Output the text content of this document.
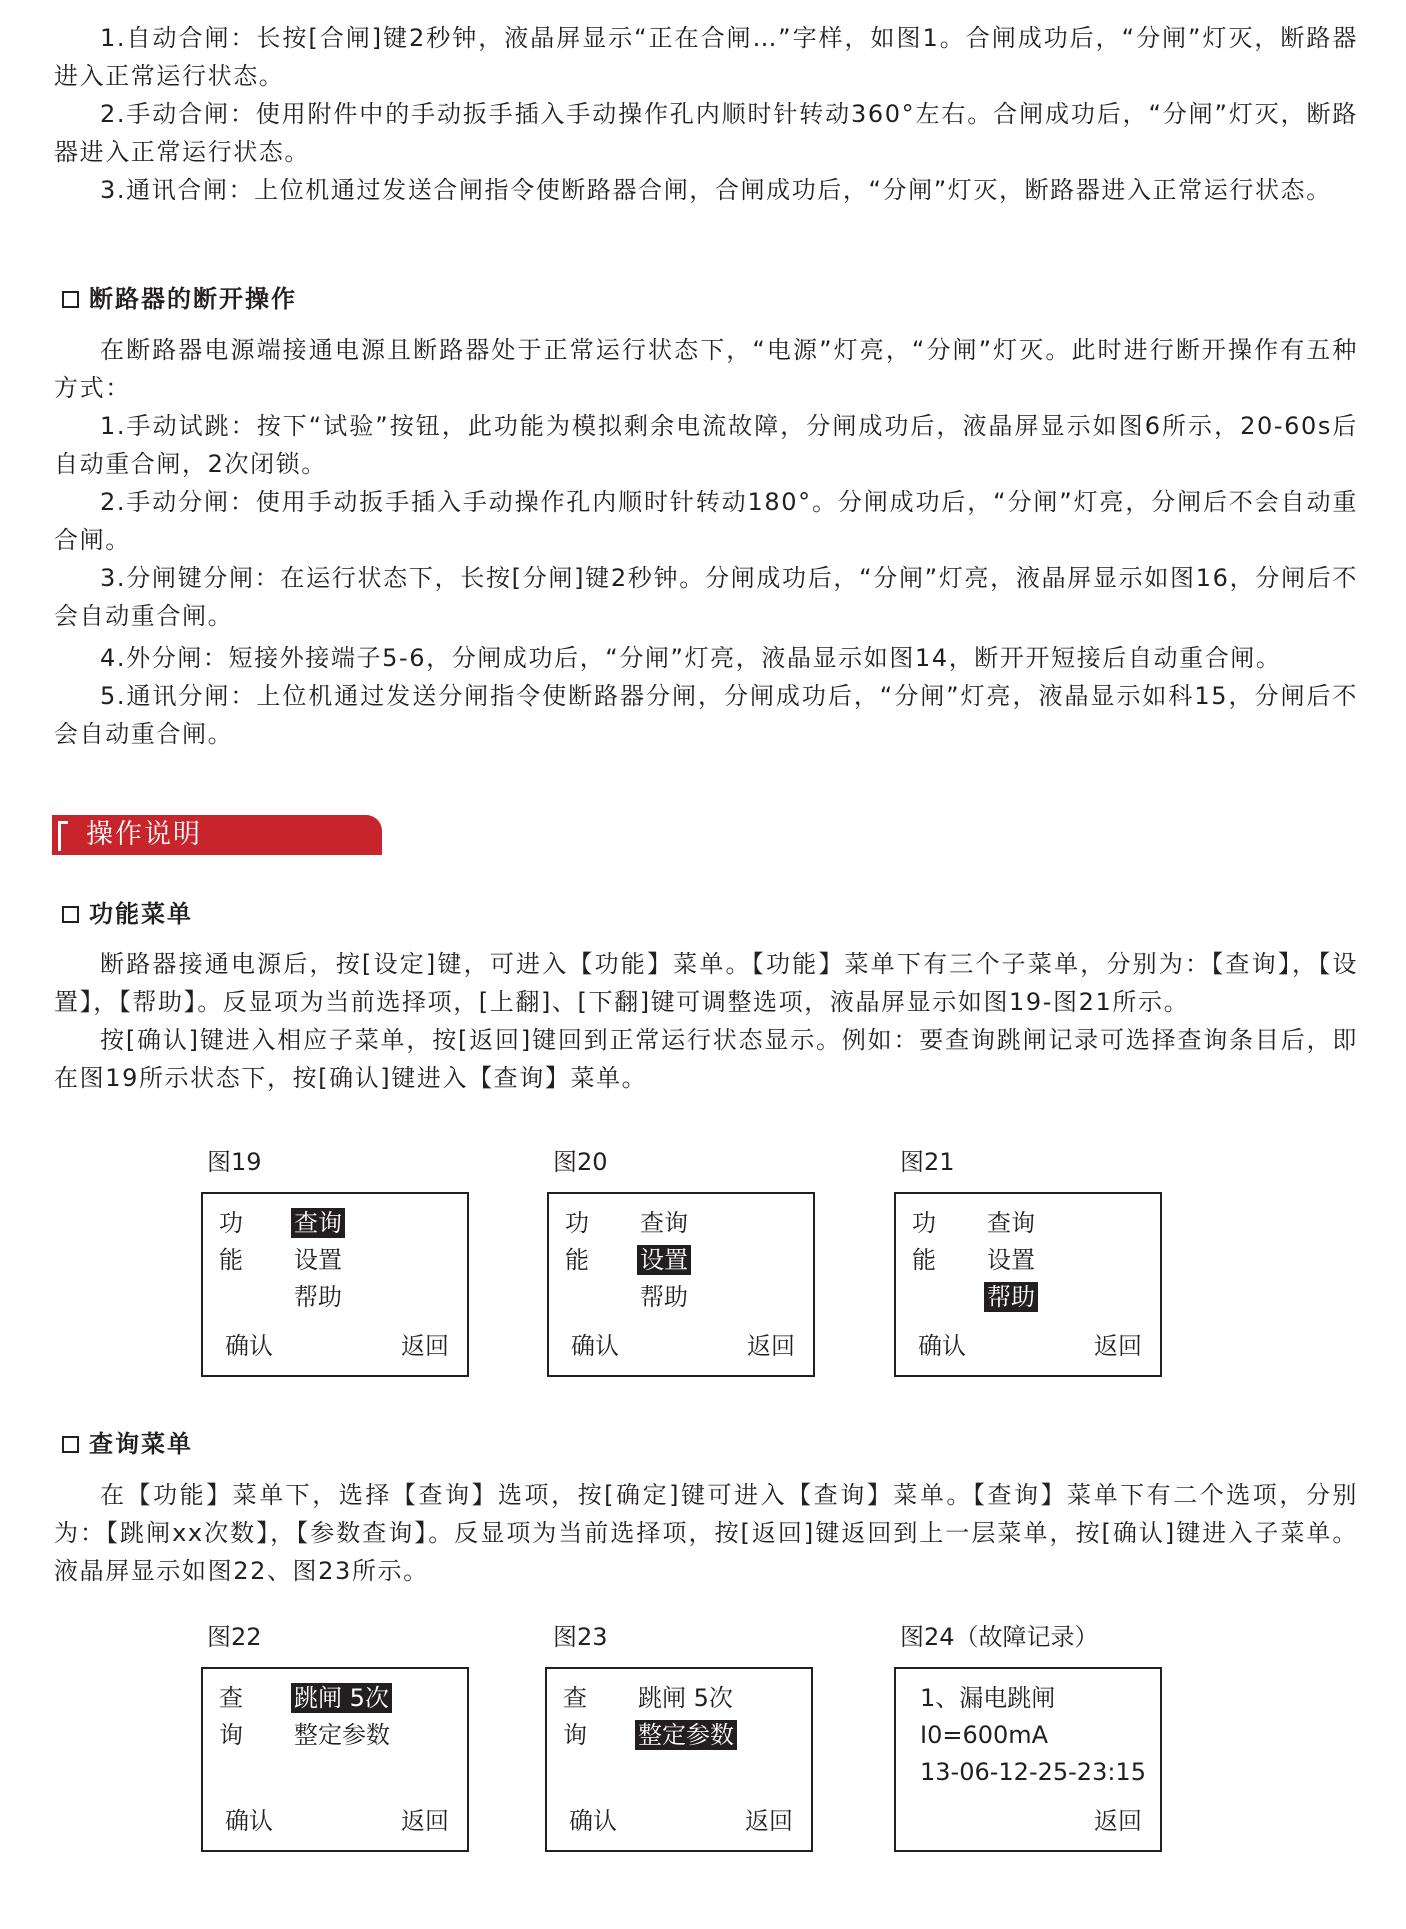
1.自动合闸：长按[合闸]键2秒钟，液晶屏显示“正在合闸…”字样，如图1。合闸成功后，“分闸”灯灭，断路器进入正常运行状态。

2.手动合闸：使用附件中的手动扳手插入手动操作孔内顺时针转动360°左右。合闸成功后，“分闸”灯灭，断路器进入正常运行状态。

3.通讯合闸：上位机通过发送合闸指令使断路器合闸，合闸成功后，“分闸”灯灭，断路器进入正常运行状态。

断路器的断开操作

在断路器电源端接通电源且断路器处于正常运行状态下，“电源”灯亮，“分闸”灯灭。此时进行断开操作有五种方式：

1.手动试跳：按下“试验”按钮，此功能为模拟剩余电流故障，分闸成功后，液晶屏显示如图6所示，20-60s后自动重合闸，2次闭锁。

2.手动分闸：使用手动扳手插入手动操作孔内顺时针转动180°。分闸成功后，“分闸”灯亮，分闸后不会自动重合闸。

3.分闸键分闸：在运行状态下，长按[分闸]键2秒钟。分闸成功后，“分闸”灯亮，液晶屏显示如图16，分闸后不会自动重合闸。

4.外分闸：短接外接端子5-6，分闸成功后，“分闸”灯亮，液晶显示如图14，断开开短接后自动重合闸。

5.通讯分闸：上位机通过发送分闸指令使断路器分闸，分闸成功后，“分闸”灯亮，液晶显示如科15，分闸后不会自动重合闸。

操作说明
功能菜单

断路器接通电源后，按[设定]键，可进入【功能】菜单。【功能】菜单下有三个子菜单，分别为：【查询】，【设置】，【帮助】。反显项为当前选择项，[上翻]、[下翻]键可调整选项，液晶屏显示如图19-图21所示。

按[确认]键进入相应子菜单，按[返回]键回到正常运行状态显示。例如：要查询跳闸记录可选择查询条目后，即在图19所示状态下，按[确认]键进入【查询】菜单。

图19
功
能
查询
设置
帮助
确认	返回
图20
功
能
查询
设置
帮助
确认	返回
图21
功
能
查询
设置
帮助
确认	返回
查询菜单

在【功能】菜单下，选择【查询】选项，按[确定]键可进入【查询】菜单。【查询】菜单下有二个选项，分别为：【跳闸xx次数】，【参数查询】。反显项为当前选择项，按[返回]键返回到上一层菜单，按[确认]键进入子菜单。液晶屏显示如图22、图23所示。

图22
查
询
跳闸 5次
整定参数
确认	返回
图23
查
询
跳闸 5次
整定参数
确认	返回
图24（故障记录）
1、漏电跳闸
I0=600mA
13-06-12-25-23:15
返回
